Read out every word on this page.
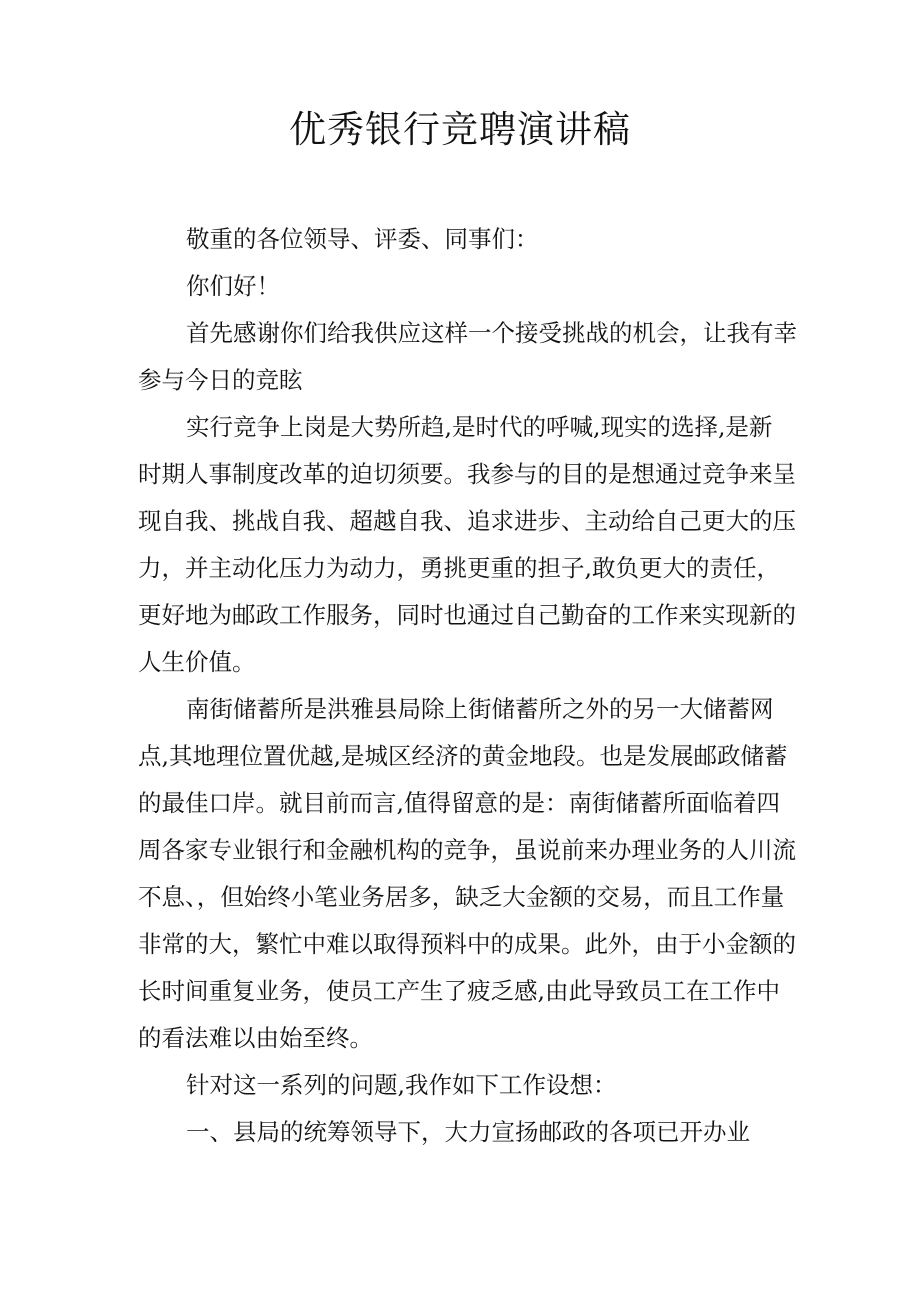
优秀银行竞聘演讲稿
敬重的各位领导、评委、同事们：
你们好！
首先感谢你们给我供应这样一个接受挑战的机会，让我有幸
参与今日的竞眩
实行竞争上岗是大势所趋,是时代的呼喊,现实的选择,是新
时期人事制度改革的迫切须要。我参与的目的是想通过竞争来呈
现自我、挑战自我、超越自我、追求进步、主动给自己更大的压
力，并主动化压力为动力，勇挑更重的担子,敢负更大的责任，
更好地为邮政工作服务，同时也通过自己勤奋的工作来实现新的
人生价值。
南街储蓄所是洪雅县局除上街储蓄所之外的另一大储蓄网
点,其地理位置优越,是城区经济的黄金地段。也是发展邮政储蓄
的最佳口岸。就目前而言,值得留意的是：南街储蓄所面临着四
周各家专业银行和金融机构的竞争，虽说前来办理业务的人川流
不息、，但始终小笔业务居多，缺乏大金额的交易，而且工作量
非常的大，繁忙中难以取得预料中的成果。此外，由于小金额的
长时间重复业务，使员工产生了疲乏感,由此导致员工在工作中
的看法难以由始至终。
针对这一系列的问题,我作如下工作设想：
一、县局的统筹领导下，大力宣扬邮政的各项已开办业
